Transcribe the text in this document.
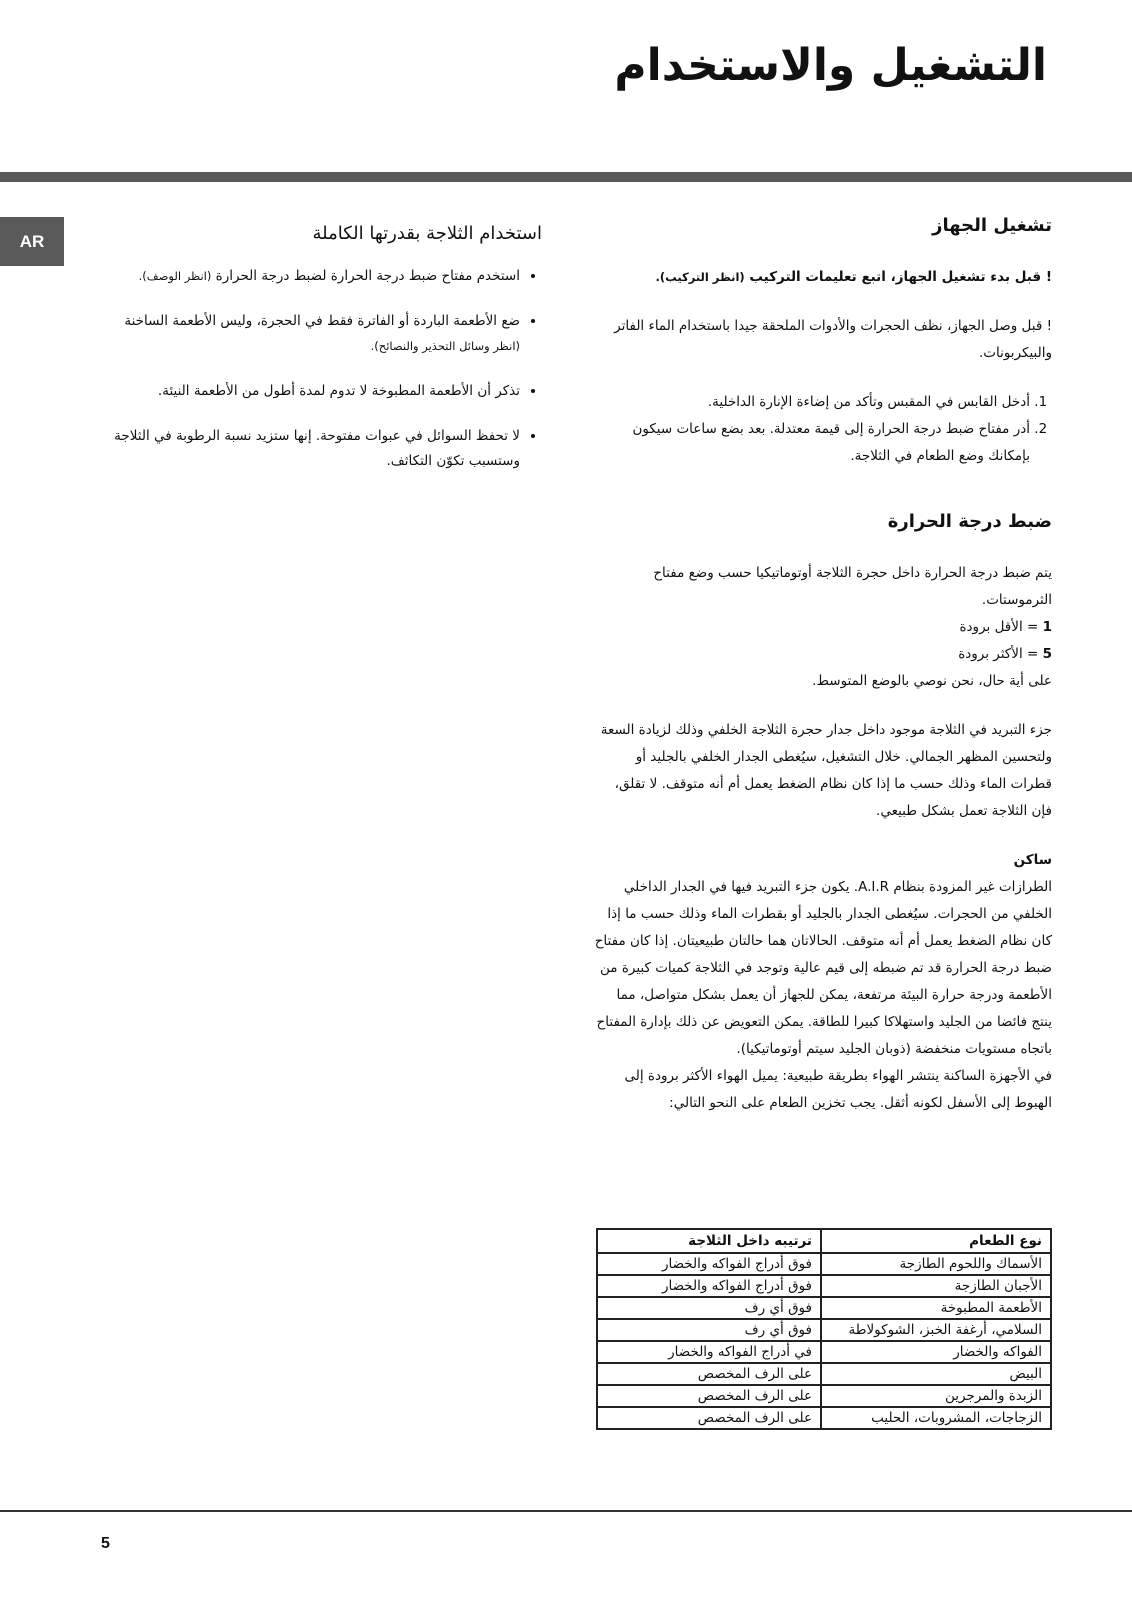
التشغيل والاستخدام
AR
تشغيل الجهاز

! قبل بدء تشغيل الجهاز، اتبع تعليمات التركيب (انظر التركيب).

! قبل وصل الجهاز، نظف الحجرات والأدوات الملحقة جيدا باستخدام الماء الفاتر والبيكربونات.

1. أدخل القابس في المقبس وتأكد من إضاءة الإنارة الداخلية.
2. أدر مفتاح ضبط درجة الحرارة إلى قيمة معتدلة. بعد بضع ساعات سيكون بإمكانك وضع الطعام في الثلاجة.
ضبط درجة الحرارة

يتم ضبط درجة الحرارة داخل حجرة الثلاجة أوتوماتيكيا حسب وضع مفتاح الثرموستات.

1 = الأقل برودة

5 = الأكثر برودة

على أية حال، نحن نوصي بالوضع المتوسط.

جزء التبريد في الثلاجة موجود داخل جدار حجرة الثلاجة الخلفي وذلك لزيادة السعة ولتحسين المظهر الجمالي. خلال التشغيل، سيُغطى الجدار الخلفي بالجليد أو قطرات الماء وذلك حسب ما إذا كان نظام الضغط يعمل أم أنه متوقف. لا تقلق، فإن الثلاجة تعمل بشكل طبيعي.

ساكن

الطرازات غير المزودة بنظام A.I.R. يكون جزء التبريد فيها في الجدار الداخلي الخلفي من الحجرات. سيُغطى الجدار بالجليد أو بقطرات الماء وذلك حسب ما إذا كان نظام الضغط يعمل أم أنه متوقف. الحالاتان هما حالتان طبيعيتان. إذا كان مفتاح ضبط درجة الحرارة قد تم ضبطه إلى قيم عالية وتوجد في الثلاجة كميات كبيرة من الأطعمة ودرجة حرارة البيئة مرتفعة، يمكن للجهاز أن يعمل بشكل متواصل، مما ينتج فائضا من الجليد واستهلاكا كبيرا للطاقة. يمكن التعويض عن ذلك بإدارة المفتاح باتجاه مستويات منخفضة (ذوبان الجليد سيتم أوتوماتيكيا).

في الأجهزة الساكنة ينتشر الهواء بطريقة طبيعية: يميل الهواء الأكثر برودة إلى الهبوط إلى الأسفل لكونه أثقل. يجب تخزين الطعام على النحو التالي:

نوع الطعام	ترتيبه داخل الثلاجة
الأسماك واللحوم الطازجة	فوق أدراج الفواكه والخضار
الأجبان الطازجة	فوق أدراج الفواكه والخضار
الأطعمة المطبوخة	فوق أي رف
السلامي، أرغفة الخبز، الشوكولاطة	فوق أي رف
الفواكه والخضار	في أدراج الفواكه والخضار
البيض	على الرف المخصص
الزبدة والمرجرين	على الرف المخصص
الزجاجات، المشروبات، الحليب	على الرف المخصص
استخدام الثلاجة بقدرتها الكاملة
• استخدم مفتاح ضبط درجة الحرارة لضبط درجة الحرارة (انظر الوصف).
• ضع الأطعمة الباردة أو الفاترة فقط في الحجرة، وليس الأطعمة الساخنة (انظر وسائل التحذير والنصائح).
• تذكر أن الأطعمة المطبوخة لا تدوم لمدة أطول من الأطعمة النيئة.
• لا تحفظ السوائل في عبوات مفتوحة. إنها ستزيد نسبة الرطوبة في الثلاجة وستسبب تكوّن التكاثف.
5
